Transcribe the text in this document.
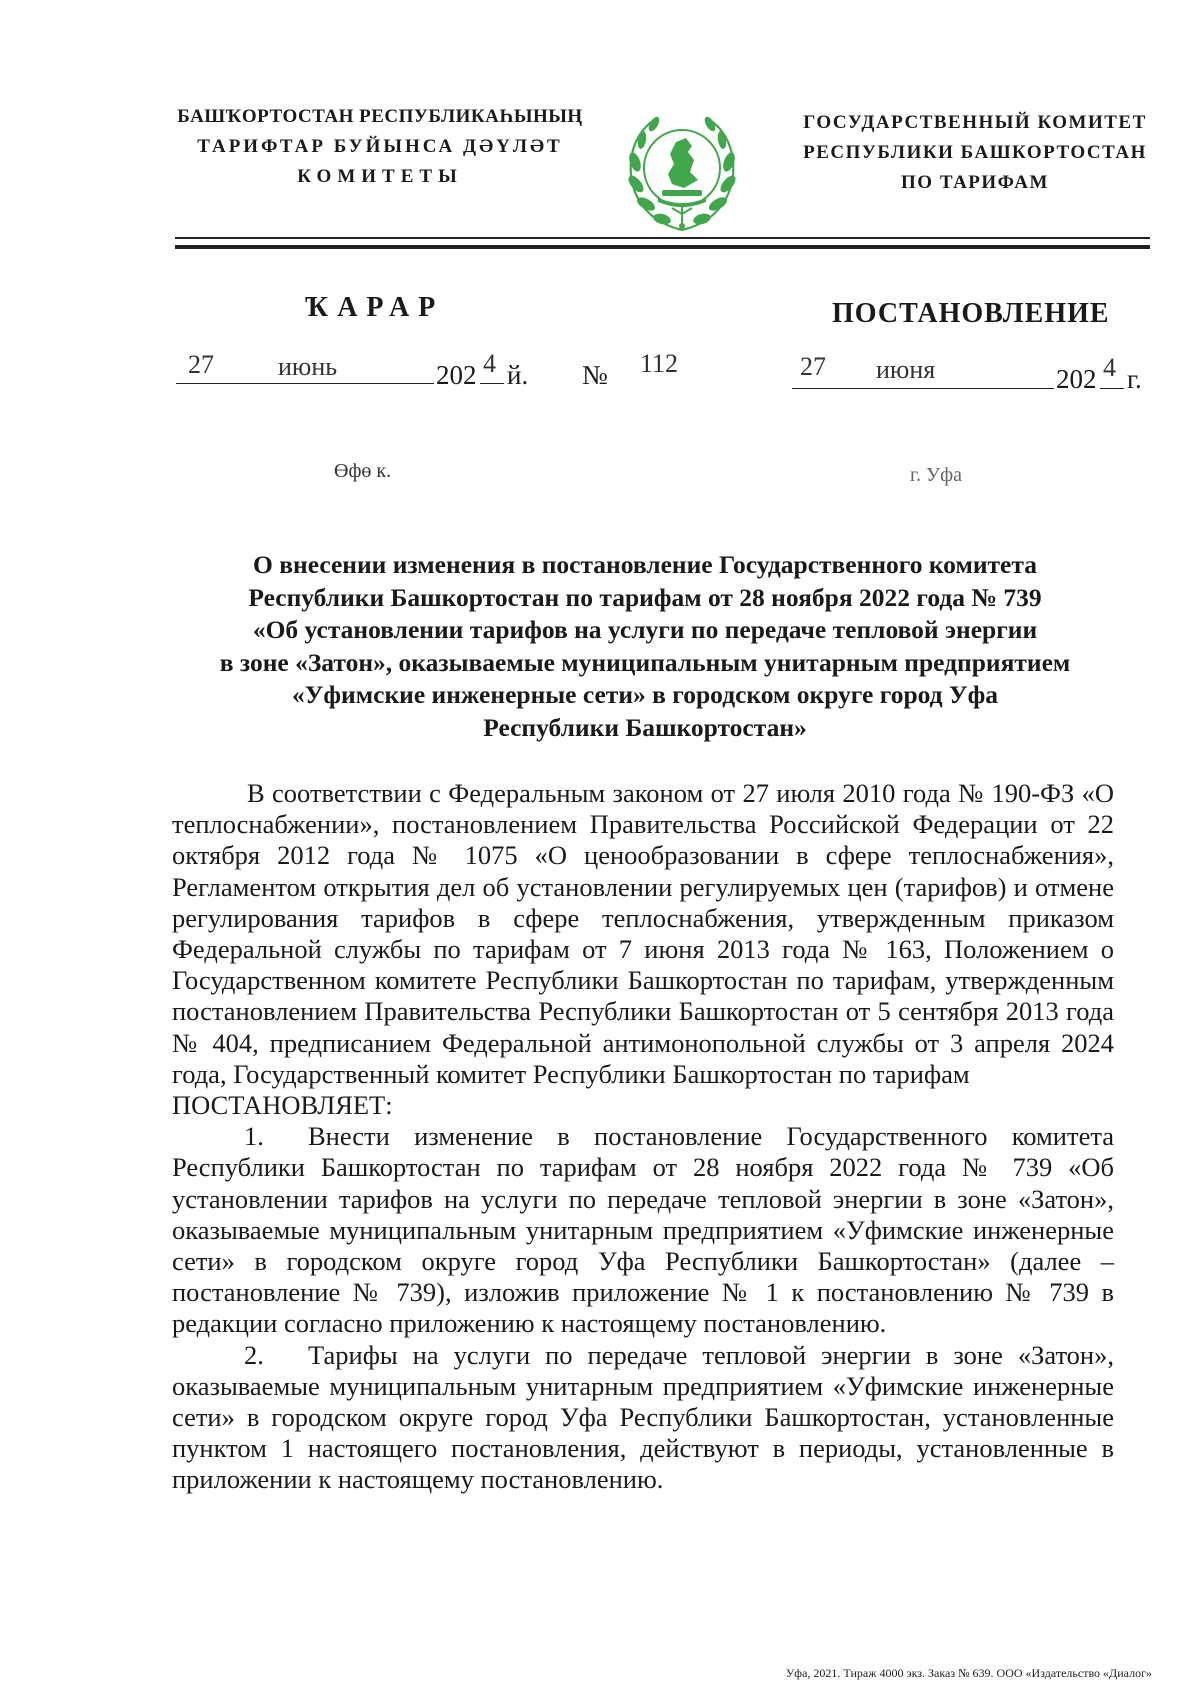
БАШҠОРТОСТАН РЕСПУБЛИКАҺЫНЫҢ
ТАРИФТАР БУЙЫНСА ДӘҮЛӘТ
КОМИТЕТЫ
ГОСУДАРСТВЕННЫЙ КОМИТЕТ
РЕСПУБЛИКИ БАШКОРТОСТАН
ПО ТАРИФАМ
ҠАРАР	ПОСТАНОВЛЕНИЕ
27 июнь	202 4 й. № 112	27 июня	202 4 г.
Өфө к.	г. Уфа
О внесении изменения в постановление Государственного комитета
Республики Башкортостан по тарифам от 28 ноября 2022 года № 739
«Об установлении тарифов на услуги по передаче тепловой энергии
в зоне «Затон», оказываемые муниципальным унитарным предприятием
«Уфимские инженерные сети» в городском округе город Уфа
Республики Башкортостан»

В соответствии с Федеральным законом от 27 июля 2010 года № 190-ФЗ «О теплоснабжении», постановлением Правительства Российской Федерации от 22 октября 2012 года № 1075 «О ценообразовании в сфере теплоснабжения», Регламентом открытия дел об установлении регулируемых цен (тарифов) и отмене регулирования тарифов в сфере теплоснабжения, утвержденным приказом Федеральной службы по тарифам от 7 июня 2013 года № 163, Положением о Государственном комитете Республики Башкортостан по тарифам, утвержденным постановлением Правительства Республики Башкортостан от 5 сентября 2013 года № 404, предписанием Федеральной антимонопольной службы от 3 апреля 2024 года, Государственный комитет Республики Башкортостан по тарифам

ПОСТАНОВЛЯЕТ:

1. Внести изменение в постановление Государственного комитета Республики Башкортостан по тарифам от 28 ноября 2022 года № 739 «Об установлении тарифов на услуги по передаче тепловой энергии в зоне «Затон», оказываемые муниципальным унитарным предприятием «Уфимские инженерные сети» в городском округе город Уфа Республики Башкортостан» (далее – постановление № 739), изложив приложение № 1 к постановлению № 739 в редакции согласно приложению к настоящему постановлению.

2. Тарифы на услуги по передаче тепловой энергии в зоне «Затон», оказываемые муниципальным унитарным предприятием «Уфимские инженерные сети» в городском округе город Уфа Республики Башкортостан, установленные пунктом 1 настоящего постановления, действуют в периоды, установленные в приложении к настоящему постановлению.

Уфа, 2021. Тираж 4000 экз. Заказ № 639. ООО «Издательство «Диалог»
